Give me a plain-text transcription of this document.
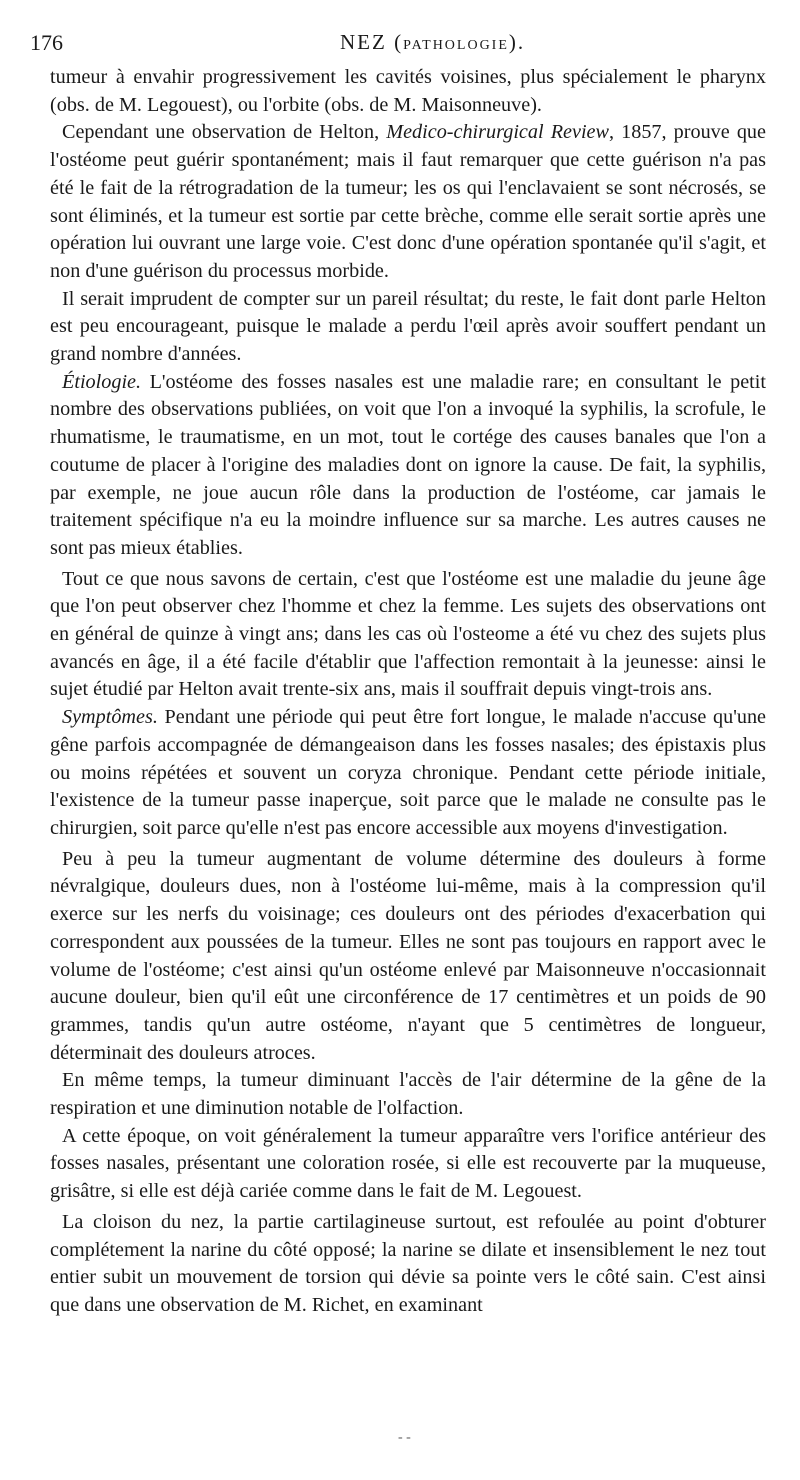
176	NEZ (PATHOLOGIE).

tumeur à envahir progressivement les cavités voisines, plus spécialement le pharynx (obs. de M. Legouest), ou l'orbite (obs. de M. Maisonneuve).

Cependant une observation de Helton, Medico-chirurgical Review, 1857, prouve que l'ostéome peut guérir spontanément; mais il faut remarquer que cette guérison n'a pas été le fait de la rétrogradation de la tumeur; les os qui l'enclavaient se sont nécrosés, se sont éliminés, et la tumeur est sortie par cette brèche, comme elle serait sortie après une opération lui ouvrant une large voie. C'est donc d'une opération spontanée qu'il s'agit, et non d'une guérison du processus morbide.

Il serait imprudent de compter sur un pareil résultat; du reste, le fait dont parle Helton est peu encourageant, puisque le malade a perdu l'œil après avoir souffert pendant un grand nombre d'années.

Étiologie. L'ostéome des fosses nasales est une maladie rare; en consultant le petit nombre des observations publiées, on voit que l'on a invoqué la syphilis, la scrofule, le rhumatisme, le traumatisme, en un mot, tout le cortége des causes banales que l'on a coutume de placer à l'origine des maladies dont on ignore la cause. De fait, la syphilis, par exemple, ne joue aucun rôle dans la production de l'ostéome, car jamais le traitement spécifique n'a eu la moindre influence sur sa marche. Les autres causes ne sont pas mieux établies.

Tout ce que nous savons de certain, c'est que l'ostéome est une maladie du jeune âge que l'on peut observer chez l'homme et chez la femme. Les sujets des observations ont en général de quinze à vingt ans; dans les cas où l'osteome a été vu chez des sujets plus avancés en âge, il a été facile d'établir que l'affection remontait à la jeunesse: ainsi le sujet étudié par Helton avait trente-six ans, mais il souffrait depuis vingt-trois ans.

Symptômes. Pendant une période qui peut être fort longue, le malade n'accuse qu'une gêne parfois accompagnée de démangeaison dans les fosses nasales; des épistaxis plus ou moins répétées et souvent un coryza chronique. Pendant cette période initiale, l'existence de la tumeur passe inaperçue, soit parce que le malade ne consulte pas le chirurgien, soit parce qu'elle n'est pas encore accessible aux moyens d'investigation.

Peu à peu la tumeur augmentant de volume détermine des douleurs à forme névralgique, douleurs dues, non à l'ostéome lui-même, mais à la compression qu'il exerce sur les nerfs du voisinage; ces douleurs ont des périodes d'exacerbation qui correspondent aux poussées de la tumeur. Elles ne sont pas toujours en rapport avec le volume de l'ostéome; c'est ainsi qu'un ostéome enlevé par Maisonneuve n'occasionnait aucune douleur, bien qu'il eût une circonférence de 17 centimètres et un poids de 90 grammes, tandis qu'un autre ostéome, n'ayant que 5 centimètres de longueur, déterminait des douleurs atroces.

En même temps, la tumeur diminuant l'accès de l'air détermine de la gêne de la respiration et une diminution notable de l'olfaction.

A cette époque, on voit généralement la tumeur apparaître vers l'orifice antérieur des fosses nasales, présentant une coloration rosée, si elle est recouverte par la muqueuse, grisâtre, si elle est déjà cariée comme dans le fait de M. Legouest.

La cloison du nez, la partie cartilagineuse surtout, est refoulée au point d'obturer complétement la narine du côté opposé; la narine se dilate et insensiblement le nez tout entier subit un mouvement de torsion qui dévie sa pointe vers le côté sain. C'est ainsi que dans une observation de M. Richet, en examinant

- -
